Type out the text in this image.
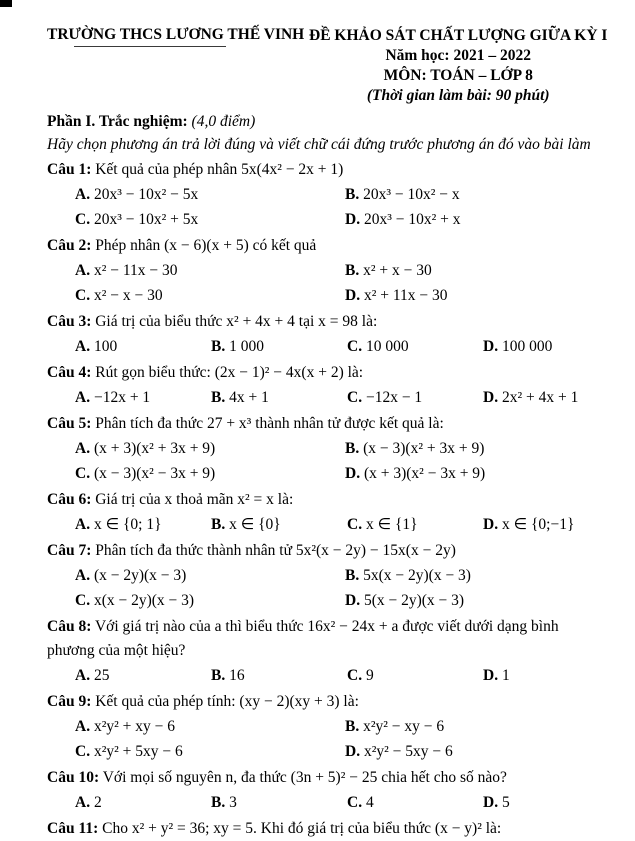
TRƯỜNG THCS LƯƠNG THẾ VINH ĐỀ KHẢO SÁT CHẤT LƯỢNG GIỮA KỲ I
Năm học: 2021 – 2022
MÔN: TOÁN – LỚP 8
(Thời gian làm bài: 90 phút)
Phần I. Trắc nghiệm: (4,0 điểm)
Hãy chọn phương án trả lời đúng và viết chữ cái đứng trước phương án đó vào bài làm
Câu 1: Kết quả của phép nhân 5x(4x² − 2x + 1)
A. 20x³ − 10x² − 5x	B. 20x³ − 10x² − x
C. 20x³ − 10x² + 5x	D. 20x³ − 10x² + x
Câu 2: Phép nhân (x − 6)(x + 5) có kết quả
A. x² − 11x − 30	B. x² + x − 30
C. x² − x − 30	D. x² + 11x − 30
Câu 3: Giá trị của biểu thức x² + 4x + 4 tại x = 98 là:
A. 100	B. 1 000	C. 10 000	D. 100 000
Câu 4: Rút gọn biểu thức: (2x − 1)² − 4x(x + 2) là:
A. −12x + 1	B. 4x + 1	C. −12x − 1	D. 2x² + 4x + 1
Câu 5: Phân tích đa thức 27 + x³ thành nhân tử được kết quả là:
A. (x + 3)(x² + 3x + 9)	B. (x − 3)(x² + 3x + 9)
C. (x − 3)(x² − 3x + 9)	D. (x + 3)(x² − 3x + 9)
Câu 6: Giá trị của x thoả mãn x² = x là:
A. x ∈ {0; 1}	B. x ∈ {0}	C. x ∈ {1}	D. x ∈ {0;−1}
Câu 7: Phân tích đa thức thành nhân tử 5x²(x − 2y) − 15x(x − 2y)
A. (x − 2y)(x − 3)	B. 5x(x − 2y)(x − 3)
C. x(x − 2y)(x − 3)	D. 5(x − 2y)(x − 3)
Câu 8: Với giá trị nào của a thì biểu thức 16x² − 24x + a được viết dưới dạng bình phương của một hiệu?
A. 25	B. 16	C. 9	D. 1
Câu 9: Kết quả của phép tính: (xy − 2)(xy + 3) là:
A. x²y² + xy − 6	B. x²y² − xy − 6
C. x²y² + 5xy − 6	D. x²y² − 5xy − 6
Câu 10: Với mọi số nguyên n, đa thức (3n + 5)² − 25 chia hết cho số nào?
A. 2	B. 3	C. 4	D. 5
Câu 11: Cho x² + y² = 36; xy = 5. Khi đó giá trị của biểu thức (x − y)² là:
